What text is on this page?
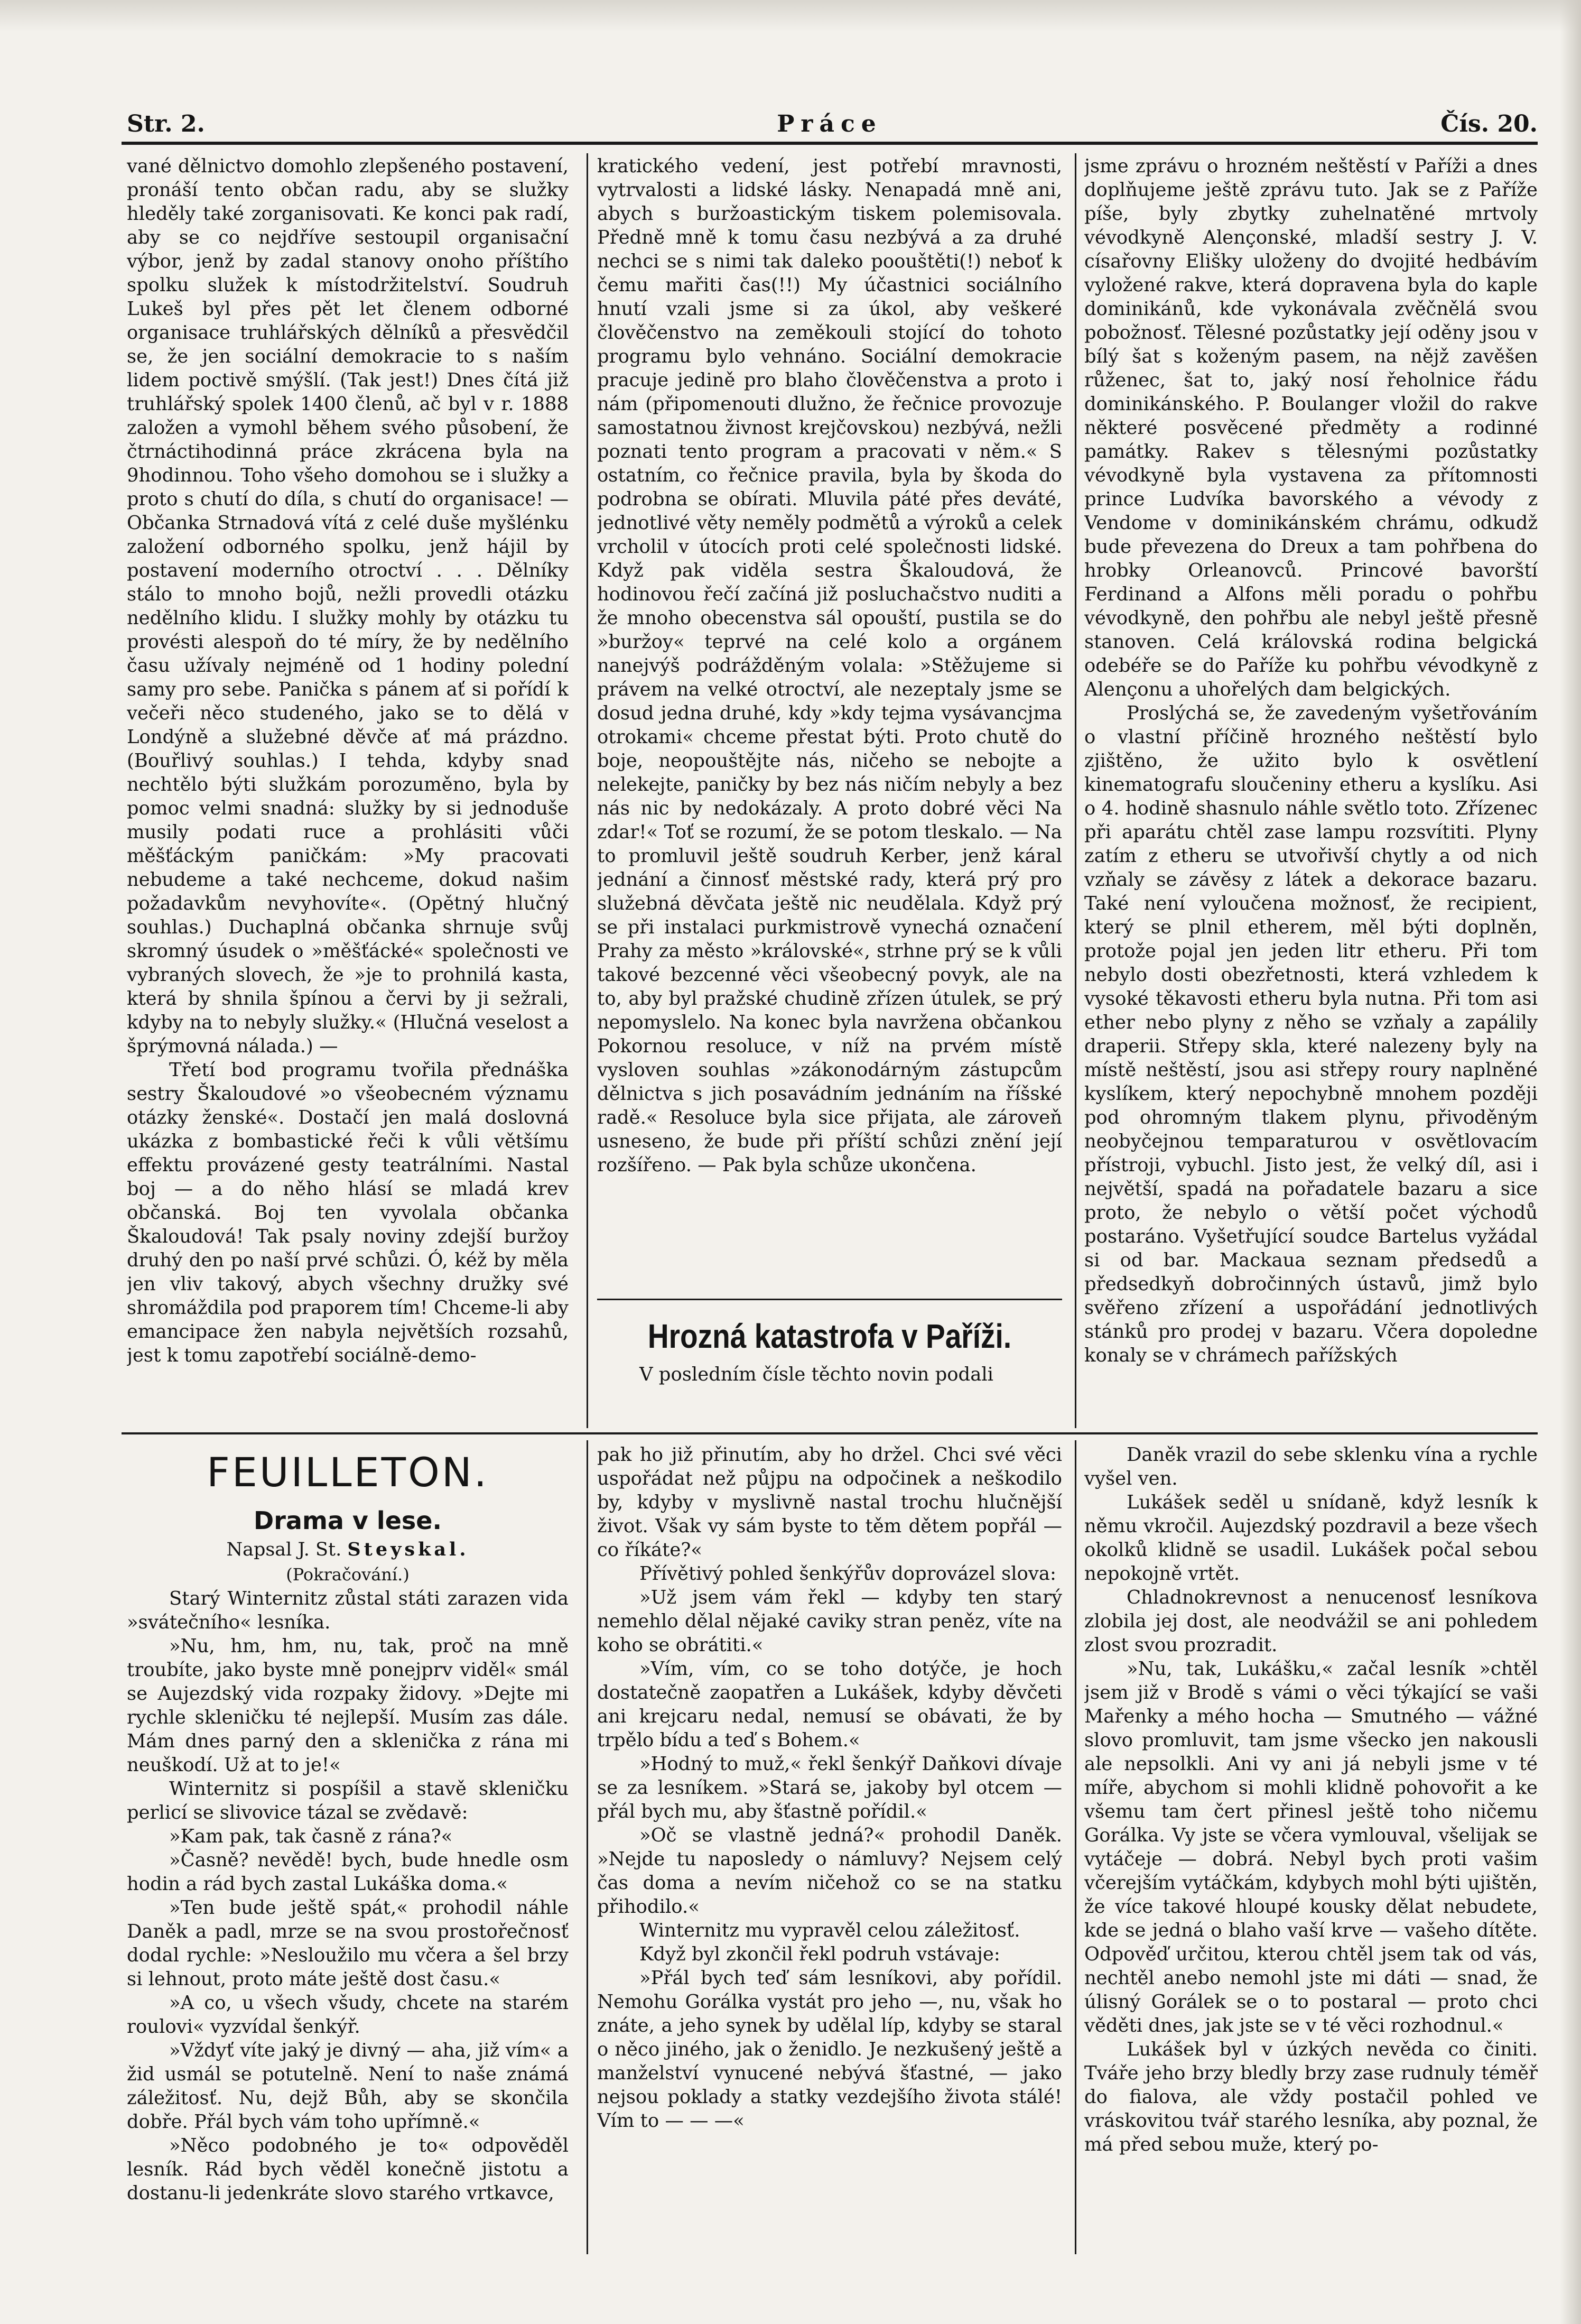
Str. 2.	Práce	Čís. 20.

vané dělnictvo domohlo zlepšeného postavení, pronáší tento občan radu, aby se služky hleděly také zorganisovati. Ke konci pak radí, aby se co nejdříve sestoupil organisační výbor, jenž by zadal stanovy onoho příštího spolku služek k místodržitelství. Soudruh Lukeš byl přes pět let členem odborné organisace truhlářských dělníků a přesvědčil se, že jen sociální demokracie to s naším lidem poctivě smýšlí. (Tak jest!) Dnes čítá již truhlářský spolek 1400 členů, ač byl v r. 1888 založen a vymohl během svého působení, že čtrnáctihodinná práce zkrácena byla na 9hodinnou. Toho všeho domohou se i služky a proto s chutí do díla, s chutí do organisace! — Občanka Strnadová vítá z celé duše myšlénku založení odborného spolku, jenž hájil by postavení moderního otroctví . . . Dělníky stálo to mnoho bojů, nežli provedli otázku nedělního klidu. I služky mohly by otázku tu provésti alespoň do té míry, že by nedělního času užívaly nejméně od 1 hodiny polední samy pro sebe. Panička s pánem ať si pořídí k večeři něco studeného, jako se to dělá v Londýně a služebné děvče ať má prázdno. (Bouřlivý souhlas.) I tehda, kdyby snad nechtělo býti služkám porozuměno, byla by pomoc velmi snadná: služky by si jednoduše musily podati ruce a prohlásiti vůči měšťáckým paničkám: »My pracovati nebudeme a také nechceme, dokud našim požadavkům nevyhovíte«. (Opětný hlučný souhlas.) Duchaplná občanka shrnuje svůj skromný úsudek o »měšťácké« společnosti ve vybraných slovech, že »je to prohnilá kasta, která by shnila špínou a červi by ji sežrali, kdyby na to nebyly služky.« (Hlučná veselost a šprýmovná nálada.) —

Třetí bod programu tvořila přednáška sestry Škaloudové »o všeobecném významu otázky ženské«. Dostačí jen malá doslovná ukázka z bombastické řeči k vůli většímu effektu provázené gesty teatrálními. Nastal boj — a do něho hlásí se mladá krev občanská. Boj ten vyvolala občanka Škaloudová! Tak psaly noviny zdejší buržoy druhý den po naší prvé schůzi. Ó, kéž by měla jen vliv takový, abych všechny družky své shromáždila pod praporem tím! Chceme-li aby emancipace žen nabyla největších rozsahů, jest k tomu zapotřebí sociálně-demo-

kratického vedení, jest potřebí mravnosti, vytrvalosti a lidské lásky. Nenapadá mně ani, abych s buržoastickým tiskem polemisovala. Předně mně k tomu času nezbývá a za druhé nechci se s nimi tak daleko poouštěti(!) neboť k čemu mařiti čas(!!) My účastnici sociálního hnutí vzali jsme si za úkol, aby veškeré člověčenstvo na zeměkouli stojící do tohoto programu bylo vehnáno. Sociální demokracie pracuje jedině pro blaho člověčenstva a proto i nám (připomenouti dlužno, že řečnice provozuje samostatnou živnost krejčovskou) nezbývá, nežli poznati tento program a pracovati v něm.« S ostatním, co řečnice pravila, byla by škoda do podrobna se obírati. Mluvila páté přes deváté, jednotlivé věty neměly podmětů a výroků a celek vrcholil v útocích proti celé společnosti lidské. Když pak viděla sestra Škaloudová, že hodinovou řečí začíná již posluchačstvo nuditi a že mnoho obecenstva sál opouští, pustila se do »buržoy« teprvé na celé kolo a orgánem nanejvýš podrážděným volala: »Stěžujeme si právem na velké otroctví, ale nezeptaly jsme se dosud jedna druhé, kdy »kdy tejma vysávancjma otrokami« chceme přestat býti. Proto chutě do boje, neopouštějte nás, ničeho se nebojte a nelekejte, paničky by bez nás ničím nebyly a bez nás nic by nedokázaly. A proto dobré věci Na zdar!« Toť se rozumí, že se potom tleskalo. — Na to promluvil ještě soudruh Kerber, jenž káral jednání a činnosť městské rady, která prý pro služebná děvčata ještě nic neudělala. Když prý se při instalaci purkmistrově vynechá označení Prahy za město »královské«, strhne prý se k vůli takové bezcenné věci všeobecný povyk, ale na to, aby byl pražské chudině zřízen útulek, se prý nepomyslelo. Na konec byla navržena občankou Pokornou resoluce, v níž na prvém místě vysloven souhlas »zákonodárným zástupcům dělnictva s jich posavádním jednáním na říšské radě.« Resoluce byla sice přijata, ale zároveň usneseno, že bude při příští schůzi znění její rozšířeno. — Pak byla schůze ukončena.

Hrozná katastrofa v Paříži.

V posledním čísle těchto novin podali

jsme zprávu o hrozném neštěstí v Paříži a dnes doplňujeme ještě zprávu tuto. Jak se z Paříže píše, byly zbytky zuhelnatěné mrtvoly vévodkyně Alençonské, mladší sestry J. V. císařovny Elišky uloženy do dvojité hedbávím vyložené rakve, která dopravena byla do kaple dominikánů, kde vykonávala zvěčnělá svou pobožnosť. Tělesné pozůstatky její oděny jsou v bílý šat s koženým pasem, na nějž zavěšen růženec, šat to, jaký nosí řeholnice řádu dominikánského. P. Boulanger vložil do rakve některé posvěcené předměty a rodinné památky. Rakev s tělesnými pozůstatky vévodkyně byla vystavena za přítomnosti prince Ludvíka bavorského a vévody z Vendome v dominikánském chrámu, odkudž bude převezena do Dreux a tam pohřbena do hrobky Orleanovců. Princové bavorští Ferdinand a Alfons měli poradu o pohřbu vévodkyně, den pohřbu ale nebyl ještě přesně stanoven. Celá královská rodina belgická odebéře se do Paříže ku pohřbu vévodkyně z Alençonu a uhořelých dam belgických.

Proslýchá se, že zavedeným vyšetřováním o vlastní příčině hrozného neštěstí bylo zjištěno, že užito bylo k osvětlení kinematografu sloučeniny etheru a kyslíku. Asi o 4. hodině shasnulo náhle světlo toto. Zřízenec při aparátu chtěl zase lampu rozsvítiti. Plyny zatím z etheru se utvořivší chytly a od nich vzňaly se závěsy z látek a dekorace bazaru. Také není vyloučena možnosť, že recipient, který se plnil etherem, měl býti doplněn, protože pojal jen jeden litr etheru. Při tom nebylo dosti obezřetnosti, která vzhledem k vysoké těkavosti etheru byla nutna. Při tom asi ether nebo plyny z něho se vzňaly a zapálily draperii. Střepy skla, které nalezeny byly na místě neštěstí, jsou asi střepy roury naplněné kyslíkem, který nepochybně mnohem později pod ohromným tlakem plynu, přivoděným neobyčejnou temparaturou v osvětlovacím přístroji, vybuchl. Jisto jest, že velký díl, asi i největší, spadá na pořadatele bazaru a sice proto, že nebylo o větší počet východů postaráno. Vyšetřující soudce Bartelus vyžádal si od bar. Mackaua seznam předsedů a předsedkyň dobročinných ústavů, jimž bylo svěřeno zřízení a uspořádání jednotlivých stánků pro prodej v bazaru. Včera dopoledne konaly se v chrámech pařížských

FEUILLETON.
Drama v lese.
Napsal J. St. Steyskal.
(Pokračování.)

Starý Winternitz zůstal státi zarazen vida »svátečního« lesníka.

»Nu, hm, hm, nu, tak, proč na mně troubíte, jako byste mně ponejprv viděl« smál se Aujezdský vida rozpaky židovy. »Dejte mi rychle skleničku té nejlepší. Musím zas dále. Mám dnes parný den a sklenička z rána mi neuškodí. Už at to je!«

Winternitz si pospíšil a stavě skleničku perlicí se slivovice tázal se zvědavě:

»Kam pak, tak časně z rána?«

»Časně? nevědě! bych, bude hnedle osm hodin a rád bych zastal Lukáška doma.«

»Ten bude ještě spát,« prohodil náhle Daněk a padl, mrze se na svou prostořečnosť dodal rychle: »Nesloužilo mu včera a šel brzy si lehnout, proto máte ještě dost času.«

»A co, u všech všudy, chcete na starém roulovi« vyzvídal šenkýř.

»Vždyť víte jaký je divný — aha, již vím« a žid usmál se potutelně. Není to naše známá záležitosť. Nu, dejž Bůh, aby se skončila dobře. Přál bych vám toho upřímně.«

»Něco podobného je to« odpověděl lesník. Rád bych věděl konečně jistotu a dostanu-li jedenkráte slovo starého vrtkavce,

pak ho již přinutím, aby ho držel. Chci své věci uspořádat než půjpu na odpočinek a neškodilo by, kdyby v myslivně nastal trochu hlučnější život. Však vy sám byste to těm dětem popřál — co říkáte?«

Přívětivý pohled šenkýřův doprovázel slova:

»Už jsem vám řekl — kdyby ten starý nemehlo dělal nějaké caviky stran peněz, víte na koho se obrátiti.«

»Vím, vím, co se toho dotýče, je hoch dostatečně zaopatřen a Lukášek, kdyby děvčeti ani krejcaru nedal, nemusí se obávati, že by trpělo bídu a teď s Bohem.«

»Hodný to muž,« řekl šenkýř Daňkovi dívaje se za lesníkem. »Stará se, jakoby byl otcem — přál bych mu, aby šťastně pořídil.«

»Oč se vlastně jedná?« prohodil Daněk. »Nejde tu naposledy o námluvy? Nejsem celý čas doma a nevím ničehož co se na statku přihodilo.«

Winternitz mu vypravěl celou záležitosť.

Když byl zkončil řekl podruh vstávaje:

»Přál bych teď sám lesníkovi, aby pořídil. Nemohu Gorálka vystát pro jeho —, nu, však ho znáte, a jeho synek by udělal líp, kdyby se staral o něco jiného, jak o ženidlo. Je nezkušený ještě a manželství vynucené nebývá šťastné, — jako nejsou poklady a statky vezdejšího života stálé! Vím to — — —«

Daněk vrazil do sebe sklenku vína a rychle vyšel ven.

Lukášek seděl u snídaně, když lesník k němu vkročil. Aujezdský pozdravil a beze všech okolků klidně se usadil. Lukášek počal sebou nepokojně vrtět.

Chladnokrevnost a nenucenosť lesníkova zlobila jej dost, ale neodvážil se ani pohledem zlost svou prozradit.

»Nu, tak, Lukášku,« začal lesník »chtěl jsem již v Brodě s vámi o věci týkající se vaši Mařenky a mého hocha — Smutného — vážné slovo promluvit, tam jsme všecko jen nakousli ale nepsolkli. Ani vy ani já nebyli jsme v té míře, abychom si mohli klidně pohovořit a ke všemu tam čert přinesl ještě toho ničemu Gorálka. Vy jste se včera vymlouval, všelijak se vytáčeje — dobrá. Nebyl bych proti vašim včerejším vytáčkám, kdybych mohl býti ujištěn, že více takové hloupé kousky dělat nebudete, kde se jedná o blaho vaší krve — vašeho dítěte. Odpověď určitou, kterou chtěl jsem tak od vás, nechtěl anebo nemohl jste mi dáti — snad, že úlisný Gorálek se o to postaral — proto chci věděti dnes, jak jste se v té věci rozhodnul.«

Lukášek byl v úzkých nevěda co činiti. Tváře jeho brzy bledly brzy zase rudnuly téměř do fialova, ale vždy postačil pohled ve vráskovitou tvář starého lesníka, aby poznal, že má před sebou muže, který po-
